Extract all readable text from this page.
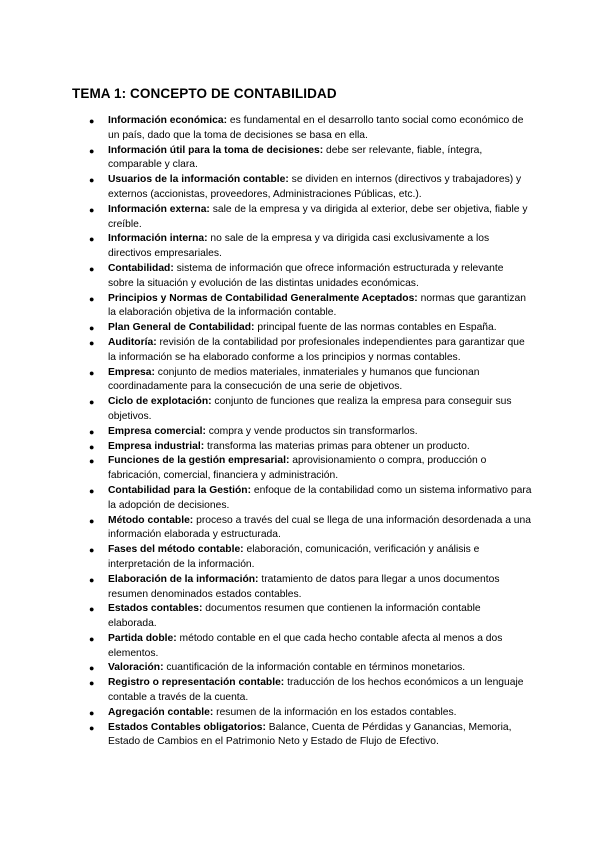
TEMA 1: CONCEPTO DE CONTABILIDAD
● Información económica: es fundamental en el desarrollo tanto social como económico de un país, dado que la toma de decisiones se basa en ella.
● Información útil para la toma de decisiones: debe ser relevante, fiable, íntegra, comparable y clara.
● Usuarios de la información contable: se dividen en internos (directivos y trabajadores) y externos (accionistas, proveedores, Administraciones Públicas, etc.).
● Información externa: sale de la empresa y va dirigida al exterior, debe ser objetiva, fiable y creíble.
● Información interna: no sale de la empresa y va dirigida casi exclusivamente a los directivos empresariales.
● Contabilidad: sistema de información que ofrece información estructurada y relevante sobre la situación y evolución de las distintas unidades económicas.
● Principios y Normas de Contabilidad Generalmente Aceptados: normas que garantizan la elaboración objetiva de la información contable.
● Plan General de Contabilidad: principal fuente de las normas contables en España.
● Auditoría: revisión de la contabilidad por profesionales independientes para garantizar que la información se ha elaborado conforme a los principios y normas contables.
● Empresa: conjunto de medios materiales, inmateriales y humanos que funcionan coordinadamente para la consecución de una serie de objetivos.
● Ciclo de explotación: conjunto de funciones que realiza la empresa para conseguir sus objetivos.
● Empresa comercial: compra y vende productos sin transformarlos.
● Empresa industrial: transforma las materias primas para obtener un producto.
● Funciones de la gestión empresarial: aprovisionamiento o compra, producción o fabricación, comercial, financiera y administración.
● Contabilidad para la Gestión: enfoque de la contabilidad como un sistema informativo para la adopción de decisiones.
● Método contable: proceso a través del cual se llega de una información desordenada a una información elaborada y estructurada.
● Fases del método contable: elaboración, comunicación, verificación y análisis e interpretación de la información.
● Elaboración de la información: tratamiento de datos para llegar a unos documentos resumen denominados estados contables.
● Estados contables: documentos resumen que contienen la información contable elaborada.
● Partida doble: método contable en el que cada hecho contable afecta al menos a dos elementos.
● Valoración: cuantificación de la información contable en términos monetarios.
● Registro o representación contable: traducción de los hechos económicos a un lenguaje contable a través de la cuenta.
● Agregación contable: resumen de la información en los estados contables.
● Estados Contables obligatorios: Balance, Cuenta de Pérdidas y Ganancias, Memoria, Estado de Cambios en el Patrimonio Neto y Estado de Flujo de Efectivo.
